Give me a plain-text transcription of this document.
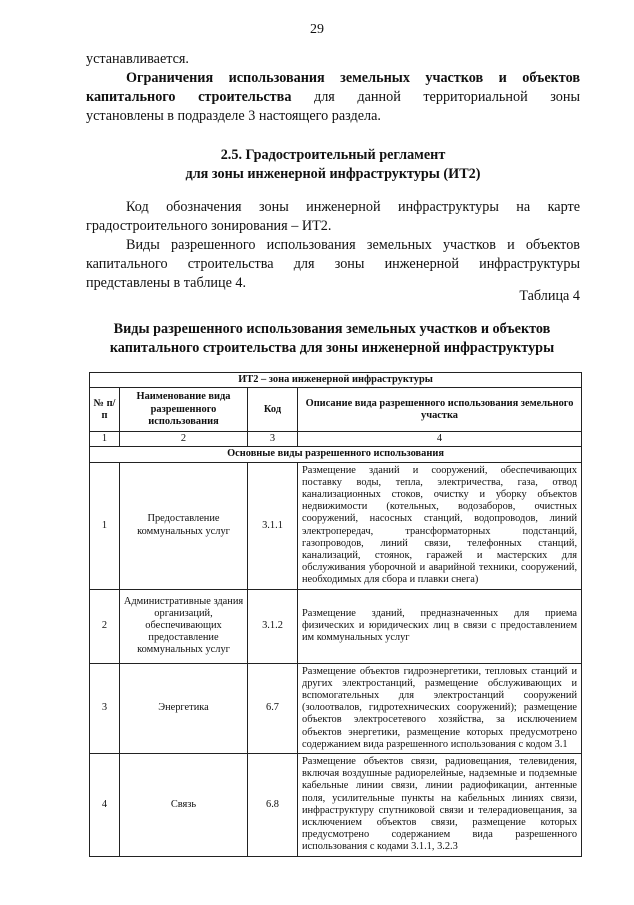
29
устанавливается.
Ограничения использования земельных участков и объектов
капитального строительства для данной территориальной зоны
установлены в подразделе 3 настоящего раздела.
2.5. Градостроительный регламент
для зоны инженерной инфраструктуры (ИТ2)
Код обозначения зоны инженерной инфраструктуры на карте
градостроительного зонирования – ИТ2.
Виды разрешенного использования земельных участков и объектов
капитального строительства для зоны инженерной инфраструктуры
представлены в таблице 4.
Таблица 4
Виды разрешенного использования земельных участков и объектов
капитального строительства для зоны инженерной инфраструктуры
ИТ2 – зона инженерной инфраструктуры			
№ п/п	Наименование вида разрешенного использования	Код	Описание вида разрешенного использования земельного участка
1	2	3	4
Основные виды разрешенного использования			
1	Предоставление коммунальных услуг	3.1.1	Размещение зданий и сооружений, обеспечивающих поставку воды, тепла, электричества, газа, отвод канализационных стоков, очистку и уборку объектов недвижимости (котельных, водозаборов, очистных сооружений, насосных станций, водопроводов, линий электропередач, трансформаторных подстанций, газопроводов, линий связи, телефонных станций, канализаций, стоянок, гаражей и мастерских для обслуживания уборочной и аварийной техники, сооружений, необходимых для сбора и плавки снега)
2	Административные здания организаций, обеспечивающих предоставление коммунальных услуг	3.1.2	Размещение зданий, предназначенных для приема физических и юридических лиц в связи с предоставлением им коммунальных услуг
3	Энергетика	6.7	Размещение объектов гидроэнергетики, тепловых станций и других электростанций, размещение обслуживающих и вспомогательных для электростанций сооружений (золоотвалов, гидротехнических сооружений); размещение объектов электросетевого хозяйства, за исключением объектов энергетики, размещение которых предусмотрено содержанием вида разрешенного использования с кодом 3.1
4	Связь	6.8	Размещение объектов связи, радиовещания, телевидения, включая воздушные радиорелейные, надземные и подземные кабельные линии связи, линии радиофикации, антенные поля, усилительные пункты на кабельных линиях связи, инфраструктуру спутниковой связи и телерадиовещания, за исключением объектов связи, размещение которых предусмотрено содержанием вида разрешенного использования с кодами 3.1.1, 3.2.3
